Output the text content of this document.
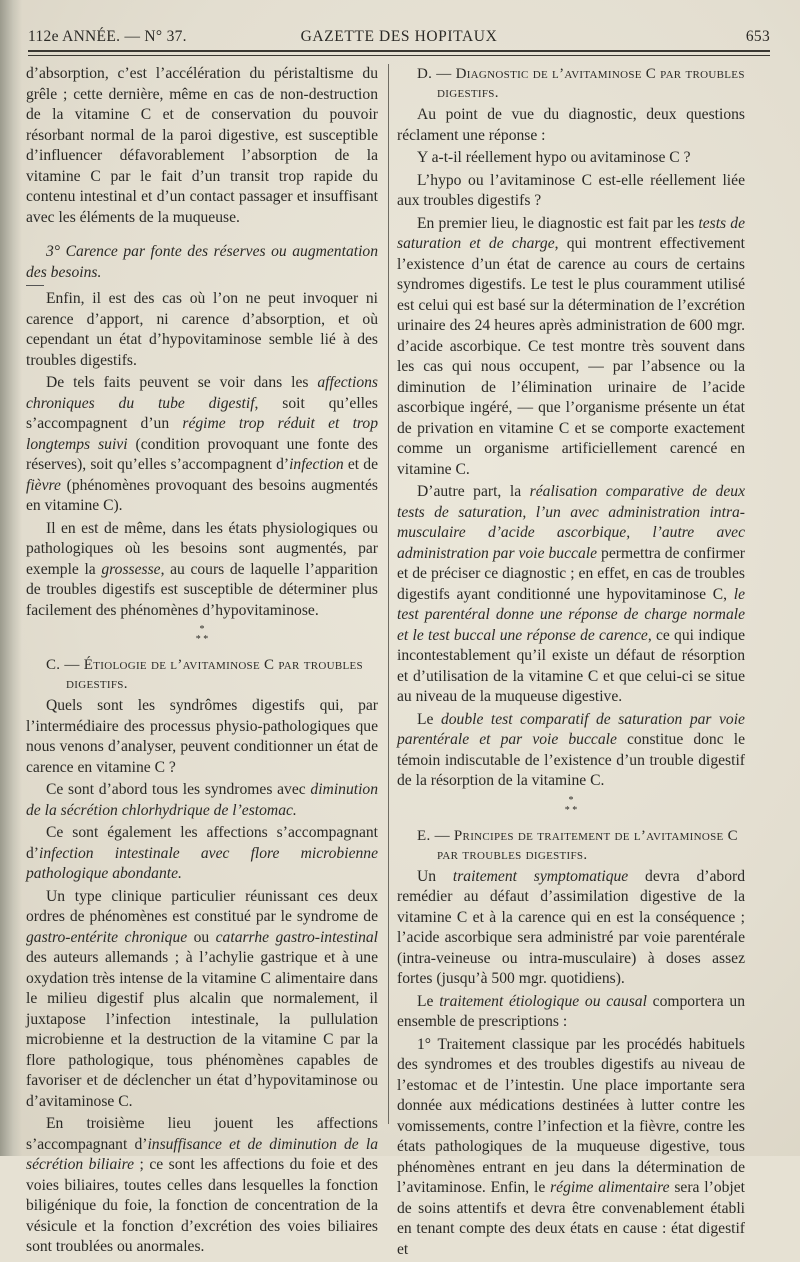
112e ANNÉE. — N° 37.	GAZETTE DES HOPITAUX	653

d’absorption, c’est l’accélération du péristaltisme du grêle ; cette dernière, même en cas de non-destruction de la vitamine C et de conservation du pouvoir résorbant normal de la paroi digestive, est susceptible d’influencer défavorablement l’absorption de la vitamine C par le fait d’un transit trop rapide du contenu intestinal et d’un contact passager et insuffisant avec les éléments de la muqueuse.

3° Carence par fonte des réserves ou augmentation des besoins.

Enfin, il est des cas où l’on ne peut invoquer ni carence d’apport, ni carence d’absorption, et où cependant un état d’hypovitaminose semble lié à des troubles digestifs.

De tels faits peuvent se voir dans les affections chroniques du tube digestif, soit qu’elles s’accompagnent d’un régime trop réduit et trop longtemps suivi (condition provoquant une fonte des réserves), soit qu’elles s’accompagnent d’infection et de fièvre (phénomènes provoquant des besoins augmentés en vitamine C).

Il en est de même, dans les états physiologiques ou pathologiques où les besoins sont augmentés, par exemple la grossesse, au cours de laquelle l’apparition de troubles digestifs est susceptible de déterminer plus facilement des phénomènes d’hypovitaminose.

*
* *

C. — Étiologie de l’avitaminose C par troubles
digestifs.

Quels sont les syndrômes digestifs qui, par l’intermédiaire des processus physio-pathologiques que nous venons d’analyser, peuvent conditionner un état de carence en vitamine C ?

Ce sont d’abord tous les syndromes avec diminution de la sécrétion chlorhydrique de l’estomac.

Ce sont également les affections s’accompagnant d’infection intestinale avec flore microbienne pathologique abondante.

Un type clinique particulier réunissant ces deux ordres de phénomènes est constitué par le syndrome de gastro-entérite chronique ou catarrhe gastro-intestinal des auteurs allemands ; à l’achylie gastrique et à une oxydation très intense de la vitamine C alimentaire dans le milieu digestif plus alcalin que normalement, il juxtapose l’infection intestinale, la pullulation microbienne et la destruction de la vitamine C par la flore pathologique, tous phénomènes capables de favoriser et de déclencher un état d’hypovitaminose ou d’avitaminose C.

En troisième lieu jouent les affections s’accompagnant d’insuffisance et de diminution de la sécrétion biliaire ; ce sont les affections du foie et des voies biliaires, toutes celles dans lesquelles la fonction biligénique du foie, la fonction de concentration de la vésicule et la fonction d’excrétion des voies biliaires sont troublées ou anormales.

D. — Diagnostic de l’avitaminose C par troubles
digestifs.

Au point de vue du diagnostic, deux questions réclament une réponse :

Y a-t-il réellement hypo ou avitaminose C ?

L’hypo ou l’avitaminose C est-elle réellement liée aux troubles digestifs ?

En premier lieu, le diagnostic est fait par les tests de saturation et de charge, qui montrent effectivement l’existence d’un état de carence au cours de certains syndromes digestifs. Le test le plus couramment utilisé est celui qui est basé sur la détermination de l’excrétion urinaire des 24 heures après administration de 600 mgr. d’acide ascorbique. Ce test montre très souvent dans les cas qui nous occupent, — par l’absence ou la diminution de l’élimination urinaire de l’acide ascorbique ingéré, — que l’organisme présente un état de privation en vitamine C et se comporte exactement comme un organisme artificiellement carencé en vitamine C.

D’autre part, la réalisation comparative de deux tests de saturation, l’un avec administration intra-musculaire d’acide ascorbique, l’autre avec administration par voie buccale permettra de confirmer et de préciser ce diagnostic ; en effet, en cas de troubles digestifs ayant conditionné une hypovitaminose C, le test parentéral donne une réponse de charge normale et le test buccal une réponse de carence, ce qui indique incontestablement qu’il existe un défaut de résorption et d’utilisation de la vitamine C et que celui-ci se situe au niveau de la muqueuse digestive.

Le double test comparatif de saturation par voie parentérale et par voie buccale constitue donc le témoin indiscutable de l’existence d’un trouble digestif de la résorption de la vitamine C.

*
* *

E. — Principes de traitement de l’avitaminose C
par troubles digestifs.

Un traitement symptomatique devra d’abord remédier au défaut d’assimilation digestive de la vitamine C et à la carence qui en est la conséquence ; l’acide ascorbique sera administré par voie parentérale (intra-veineuse ou intra-musculaire) à doses assez fortes (jusqu’à 500 mgr. quotidiens).

Le traitement étiologique ou causal comportera un ensemble de prescriptions :

1° Traitement classique par les procédés habituels des syndromes et des troubles digestifs au niveau de l’estomac et de l’intestin. Une place importante sera donnée aux médications destinées à lutter contre les vomissements, contre l’infection et la fièvre, contre les états pathologiques de la muqueuse digestive, tous phénomènes entrant en jeu dans la détermination de l’avitaminose. Enfin, le régime alimentaire sera l’objet de soins attentifs et devra être convenablement établi en tenant compte des deux états en cause : état digestif et
